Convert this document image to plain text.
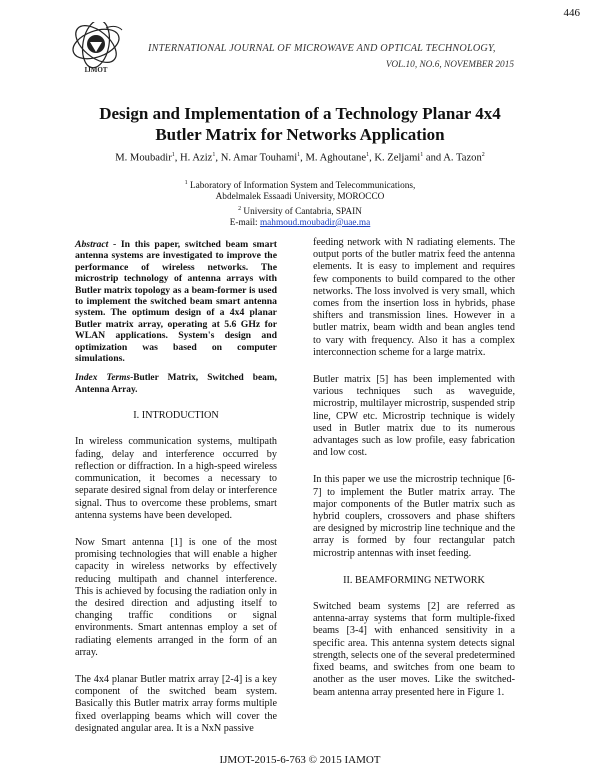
446
IJMOT
INTERNATIONAL JOURNAL OF MICROWAVE AND OPTICAL TECHNOLOGY,
VOL.10, NO.6, NOVEMBER 2015
Design and Implementation of a Technology Planar 4x4
Butler Matrix for Networks Application
M. Moubadir$^1$, H. Aziz$^1$, N. Amar Touhami$^1$, M. Aghoutane$^1$, K. Zeljami$^1$ and A. Tazon$^2$
$^1$ Laboratory of Information System and Telecommunications,
Abdelmalek Essaadi University, MOROCCO
$^2$ University of Cantabria, SPAIN
E-mail: mahmoud.moubadir@uae.ma

Abstract - In this paper, switched beam smart antenna systems are investigated to improve the performance of wireless networks. The microstrip technology of antenna arrays with Butler matrix topology as a beam-former is used to implement the switched beam smart antenna system. The optimum design of a 4x4 planar Butler matrix array, operating at 5.6 GHz for WLAN applications. System's design and optimization was based on computer simulations.

Index Terms-Butler Matrix, Switched beam, Antenna Array.

I. INTRODUCTION

In wireless communication systems, multipath fading, delay and interference occurred by reflection or diffraction. In a high-speed wireless communication, it becomes a necessary to separate desired signal from delay or interference signal. Thus to overcome these problems, smart antenna systems have been developed.

Now Smart antenna [1] is one of the most promising technologies that will enable a higher capacity in wireless networks by effectively reducing multipath and channel interference. This is achieved by focusing the radiation only in the desired direction and adjusting itself to changing traffic conditions or signal environments. Smart antennas employ a set of radiating elements arranged in the form of an array.

The 4x4 planar Butler matrix array [2-4] is a key component of the switched beam system. Basically this Butler matrix array forms multiple fixed overlapping beams which will cover the designated angular area. It is a NxN passive

feeding network with N radiating elements. The output ports of the butler matrix feed the antenna elements. It is easy to implement and requires few components to build compared to the other networks. The loss involved is very small, which comes from the insertion loss in hybrids, phase shifters and transmission lines. However in a butler matrix, beam width and bean angles tend to vary with frequency. Also it has a complex interconnection scheme for a large matrix.

Butler matrix [5] has been implemented with various techniques such as waveguide, microstrip, multilayer microstrip, suspended strip line, CPW etc. Microstrip technique is widely used in Butler matrix due to its numerous advantages such as low profile, easy fabrication and low cost.

In this paper we use the microstrip technique [6-7] to implement the Butler matrix array. The major components of the Butler matrix such as hybrid couplers, crossovers and phase shifters are designed by microstrip line technique and the array is formed by four rectangular patch microstrip antennas with inset feeding.

II. BEAMFORMING NETWORK

Switched beam systems [2] are referred as antenna-array systems that form multiple-fixed beams [3-4] with enhanced sensitivity in a specific area. This antenna system detects signal strength, selects one of the several predetermined fixed beams, and switches from one beam to another as the user moves. Like the switched-beam antenna array presented here in Figure 1.

IJMOT-2015-6-763 © 2015 IAMOT
